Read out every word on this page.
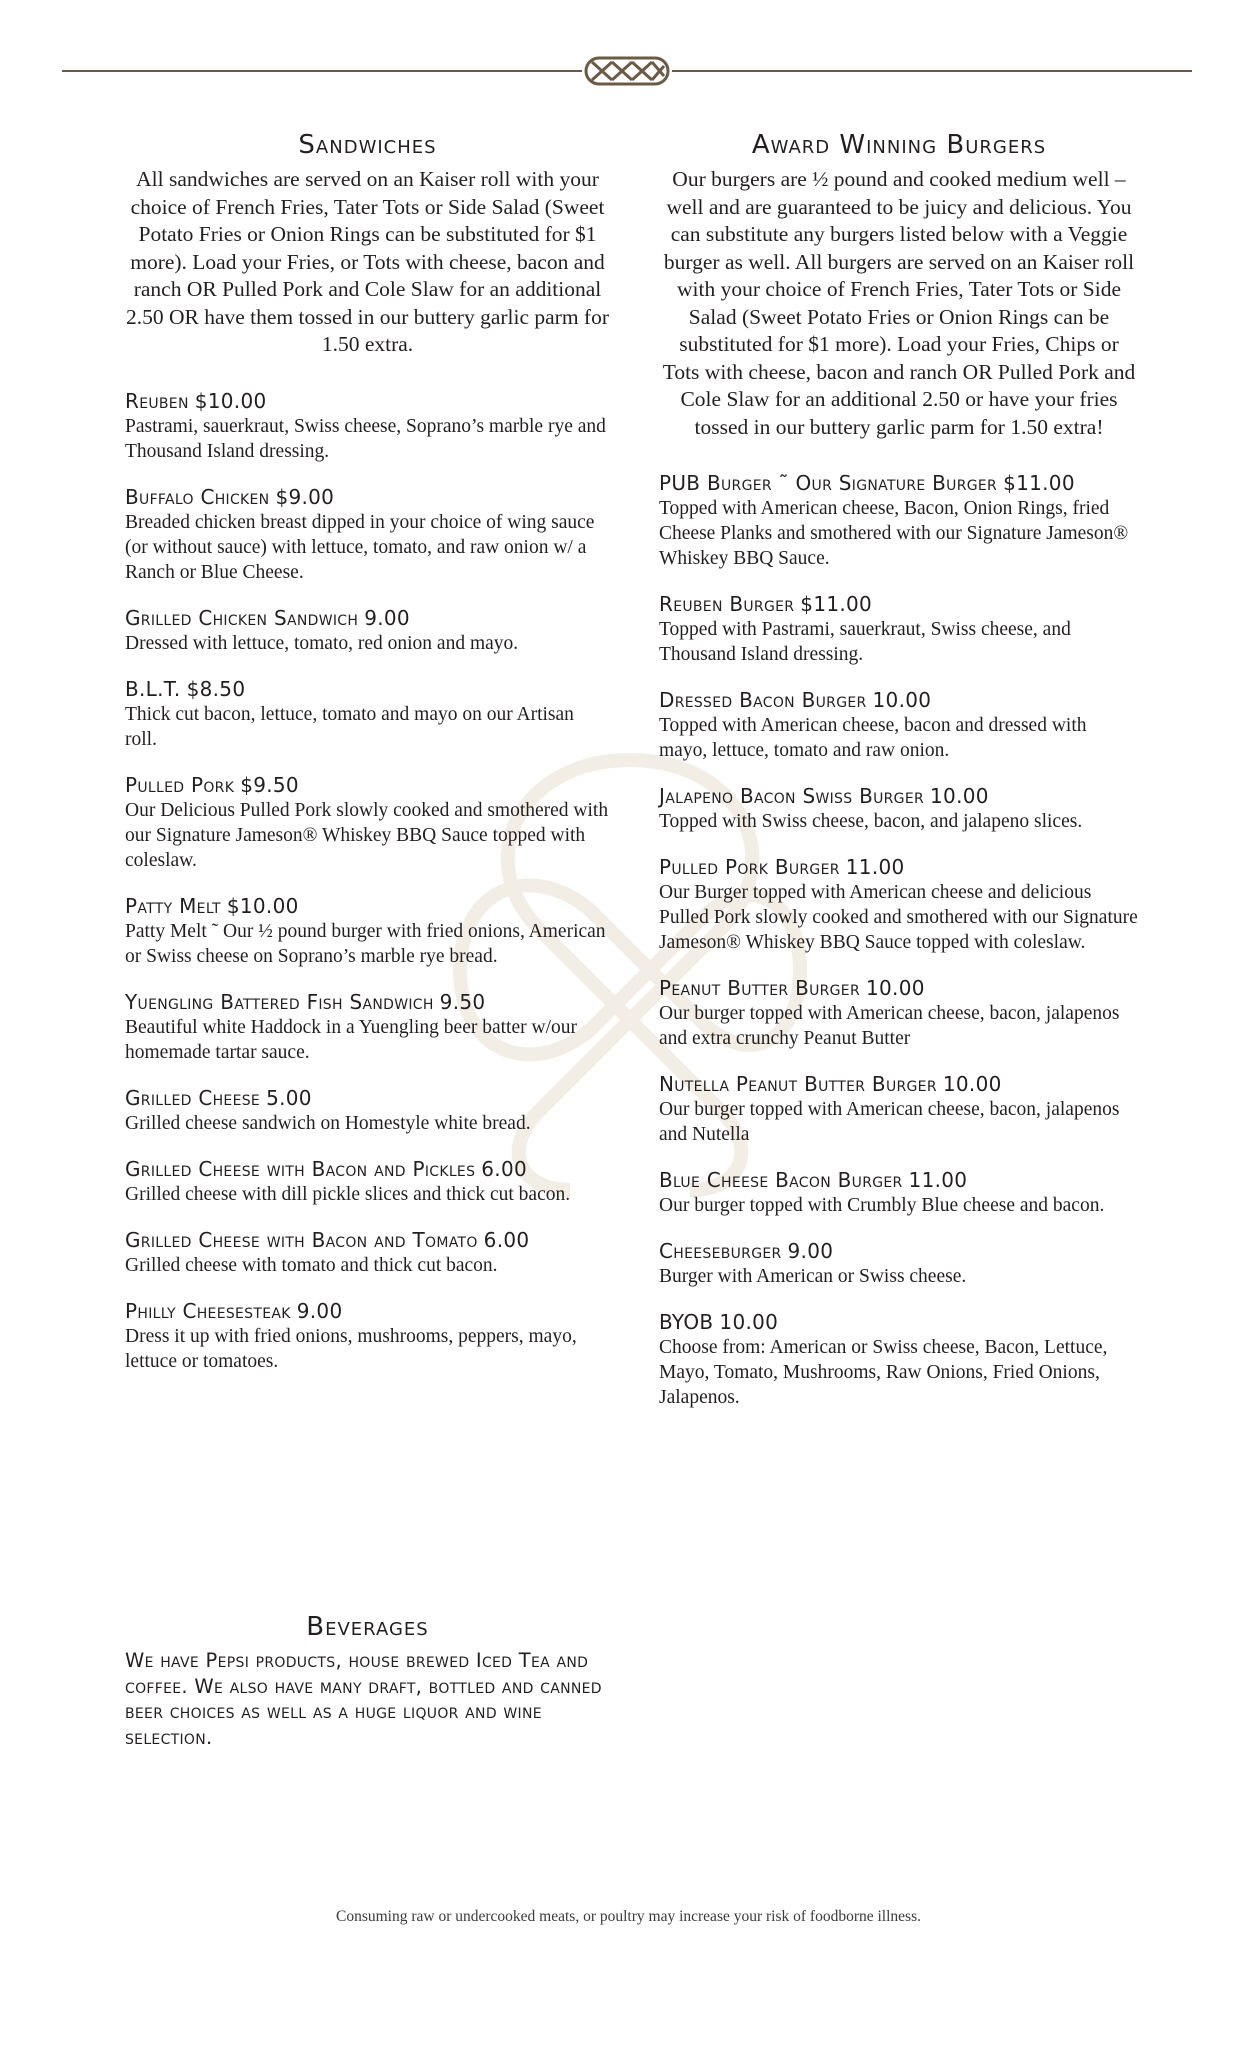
Sandwiches

All sandwiches are served on an Kaiser roll with your choice of French Fries, Tater Tots or Side Salad (Sweet Potato Fries or Onion Rings can be substituted for $1 more). Load your Fries, or Tots with cheese, bacon and ranch OR Pulled Pork and Cole Slaw for an additional 2.50 OR have them tossed in our buttery garlic parm for 1.50 extra.

Reuben $10.00
Pastrami, sauerkraut, Swiss cheese, Soprano’s marble rye and Thousand Island dressing.
Buffalo Chicken $9.00
Breaded chicken breast dipped in your choice of wing sauce (or without sauce) with lettuce, tomato, and raw onion w/ a Ranch or Blue Cheese.
Grilled Chicken Sandwich 9.00
Dressed with lettuce, tomato, red onion and mayo.
B.L.T. $8.50
Thick cut bacon, lettuce, tomato and mayo on our Artisan roll.
Pulled Pork $9.50
Our Delicious Pulled Pork slowly cooked and smothered with our Signature Jameson® Whiskey BBQ Sauce topped with coleslaw.
Patty Melt $10.00
Patty Melt ˜ Our ½ pound burger with fried onions, American or Swiss cheese on Soprano’s marble rye bread.
Yuengling Battered Fish Sandwich 9.50
Beautiful white Haddock in a Yuengling beer batter w/our homemade tartar sauce.
Grilled Cheese 5.00
Grilled cheese sandwich on Homestyle white bread.
Grilled Cheese with Bacon and Pickles 6.00
Grilled cheese with dill pickle slices and thick cut bacon.
Grilled Cheese with Bacon and Tomato 6.00
Grilled cheese with tomato and thick cut bacon.
Philly Cheesesteak 9.00
Dress it up with fried onions, mushrooms, peppers, mayo, lettuce or tomatoes.
Award Winning Burgers

Our burgers are ½ pound and cooked medium well – well and are guaranteed to be juicy and delicious. You can substitute any burgers listed below with a Veggie burger as well. All burgers are served on an Kaiser roll with your choice of French Fries, Tater Tots or Side Salad (Sweet Potato Fries or Onion Rings can be substituted for $1 more). Load your Fries, Chips or Tots with cheese, bacon and ranch OR Pulled Pork and Cole Slaw for an additional 2.50 or have your fries tossed in our buttery garlic parm for 1.50 extra!

PUB Burger ˜ Our Signature Burger $11.00
Topped with American cheese, Bacon, Onion Rings, fried Cheese Planks and smothered with our Signature Jameson® Whiskey BBQ Sauce.
Reuben Burger $11.00
Topped with Pastrami, sauerkraut, Swiss cheese, and Thousand Island dressing.
Dressed Bacon Burger 10.00
Topped with American cheese, bacon and dressed with mayo, lettuce, tomato and raw onion.
Jalapeno Bacon Swiss Burger 10.00
Topped with Swiss cheese, bacon, and jalapeno slices.
Pulled Pork Burger 11.00
Our Burger topped with American cheese and delicious Pulled Pork slowly cooked and smothered with our Signature Jameson® Whiskey BBQ Sauce topped with coleslaw.
Peanut Butter Burger 10.00
Our burger topped with American cheese, bacon, jalapenos and extra crunchy Peanut Butter
Nutella Peanut Butter Burger 10.00
Our burger topped with American cheese, bacon, jalapenos and Nutella
Blue Cheese Bacon Burger 11.00
Our burger topped with Crumbly Blue cheese and bacon.
Cheeseburger 9.00
Burger with American or Swiss cheese.
BYOB 10.00
Choose from: American or Swiss cheese, Bacon, Lettuce, Mayo, Tomato, Mushrooms, Raw Onions, Fried Onions, Jalapenos.
Beverages
We have Pepsi products, house brewed Iced Tea and coffee. We also have many draft, bottled and canned beer choices as well as a huge liquor and wine selection.
Consuming raw or undercooked meats, or poultry may increase your risk of foodborne illness.
